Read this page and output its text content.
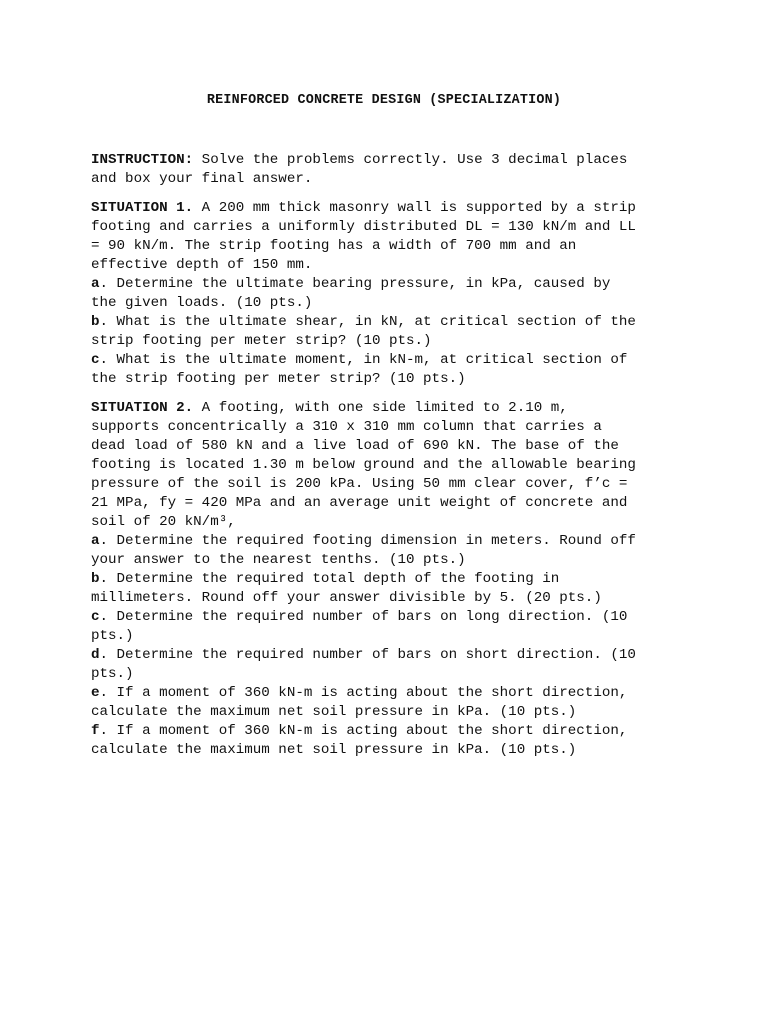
REINFORCED CONCRETE DESIGN (SPECIALIZATION)
INSTRUCTION: Solve the problems correctly. Use 3 decimal places
and box your final answer.
SITUATION 1. A 200 mm thick masonry wall is supported by a strip
footing and carries a uniformly distributed DL = 130 kN/m and LL
= 90 kN/m. The strip footing has a width of 700 mm and an
effective depth of 150 mm.
a. Determine the ultimate bearing pressure, in kPa, caused by
the given loads. (10 pts.)
b. What is the ultimate shear, in kN, at critical section of the
strip footing per meter strip? (10 pts.)
c. What is the ultimate moment, in kN-m, at critical section of
the strip footing per meter strip? (10 pts.)
SITUATION 2. A footing, with one side limited to 2.10 m,
supports concentrically a 310 x 310 mm column that carries a
dead load of 580 kN and a live load of 690 kN. The base of the
footing is located 1.30 m below ground and the allowable bearing
pressure of the soil is 200 kPa. Using 50 mm clear cover, f’c =
21 MPa, fy = 420 MPa and an average unit weight of concrete and
soil of 20 kN/m³,
a. Determine the required footing dimension in meters. Round off
your answer to the nearest tenths. (10 pts.)
b. Determine the required total depth of the footing in
millimeters. Round off your answer divisible by 5. (20 pts.)
c. Determine the required number of bars on long direction. (10
pts.)
d. Determine the required number of bars on short direction. (10
pts.)
e. If a moment of 360 kN-m is acting about the short direction,
calculate the maximum net soil pressure in kPa. (10 pts.)
f. If a moment of 360 kN-m is acting about the short direction,
calculate the maximum net soil pressure in kPa. (10 pts.)
